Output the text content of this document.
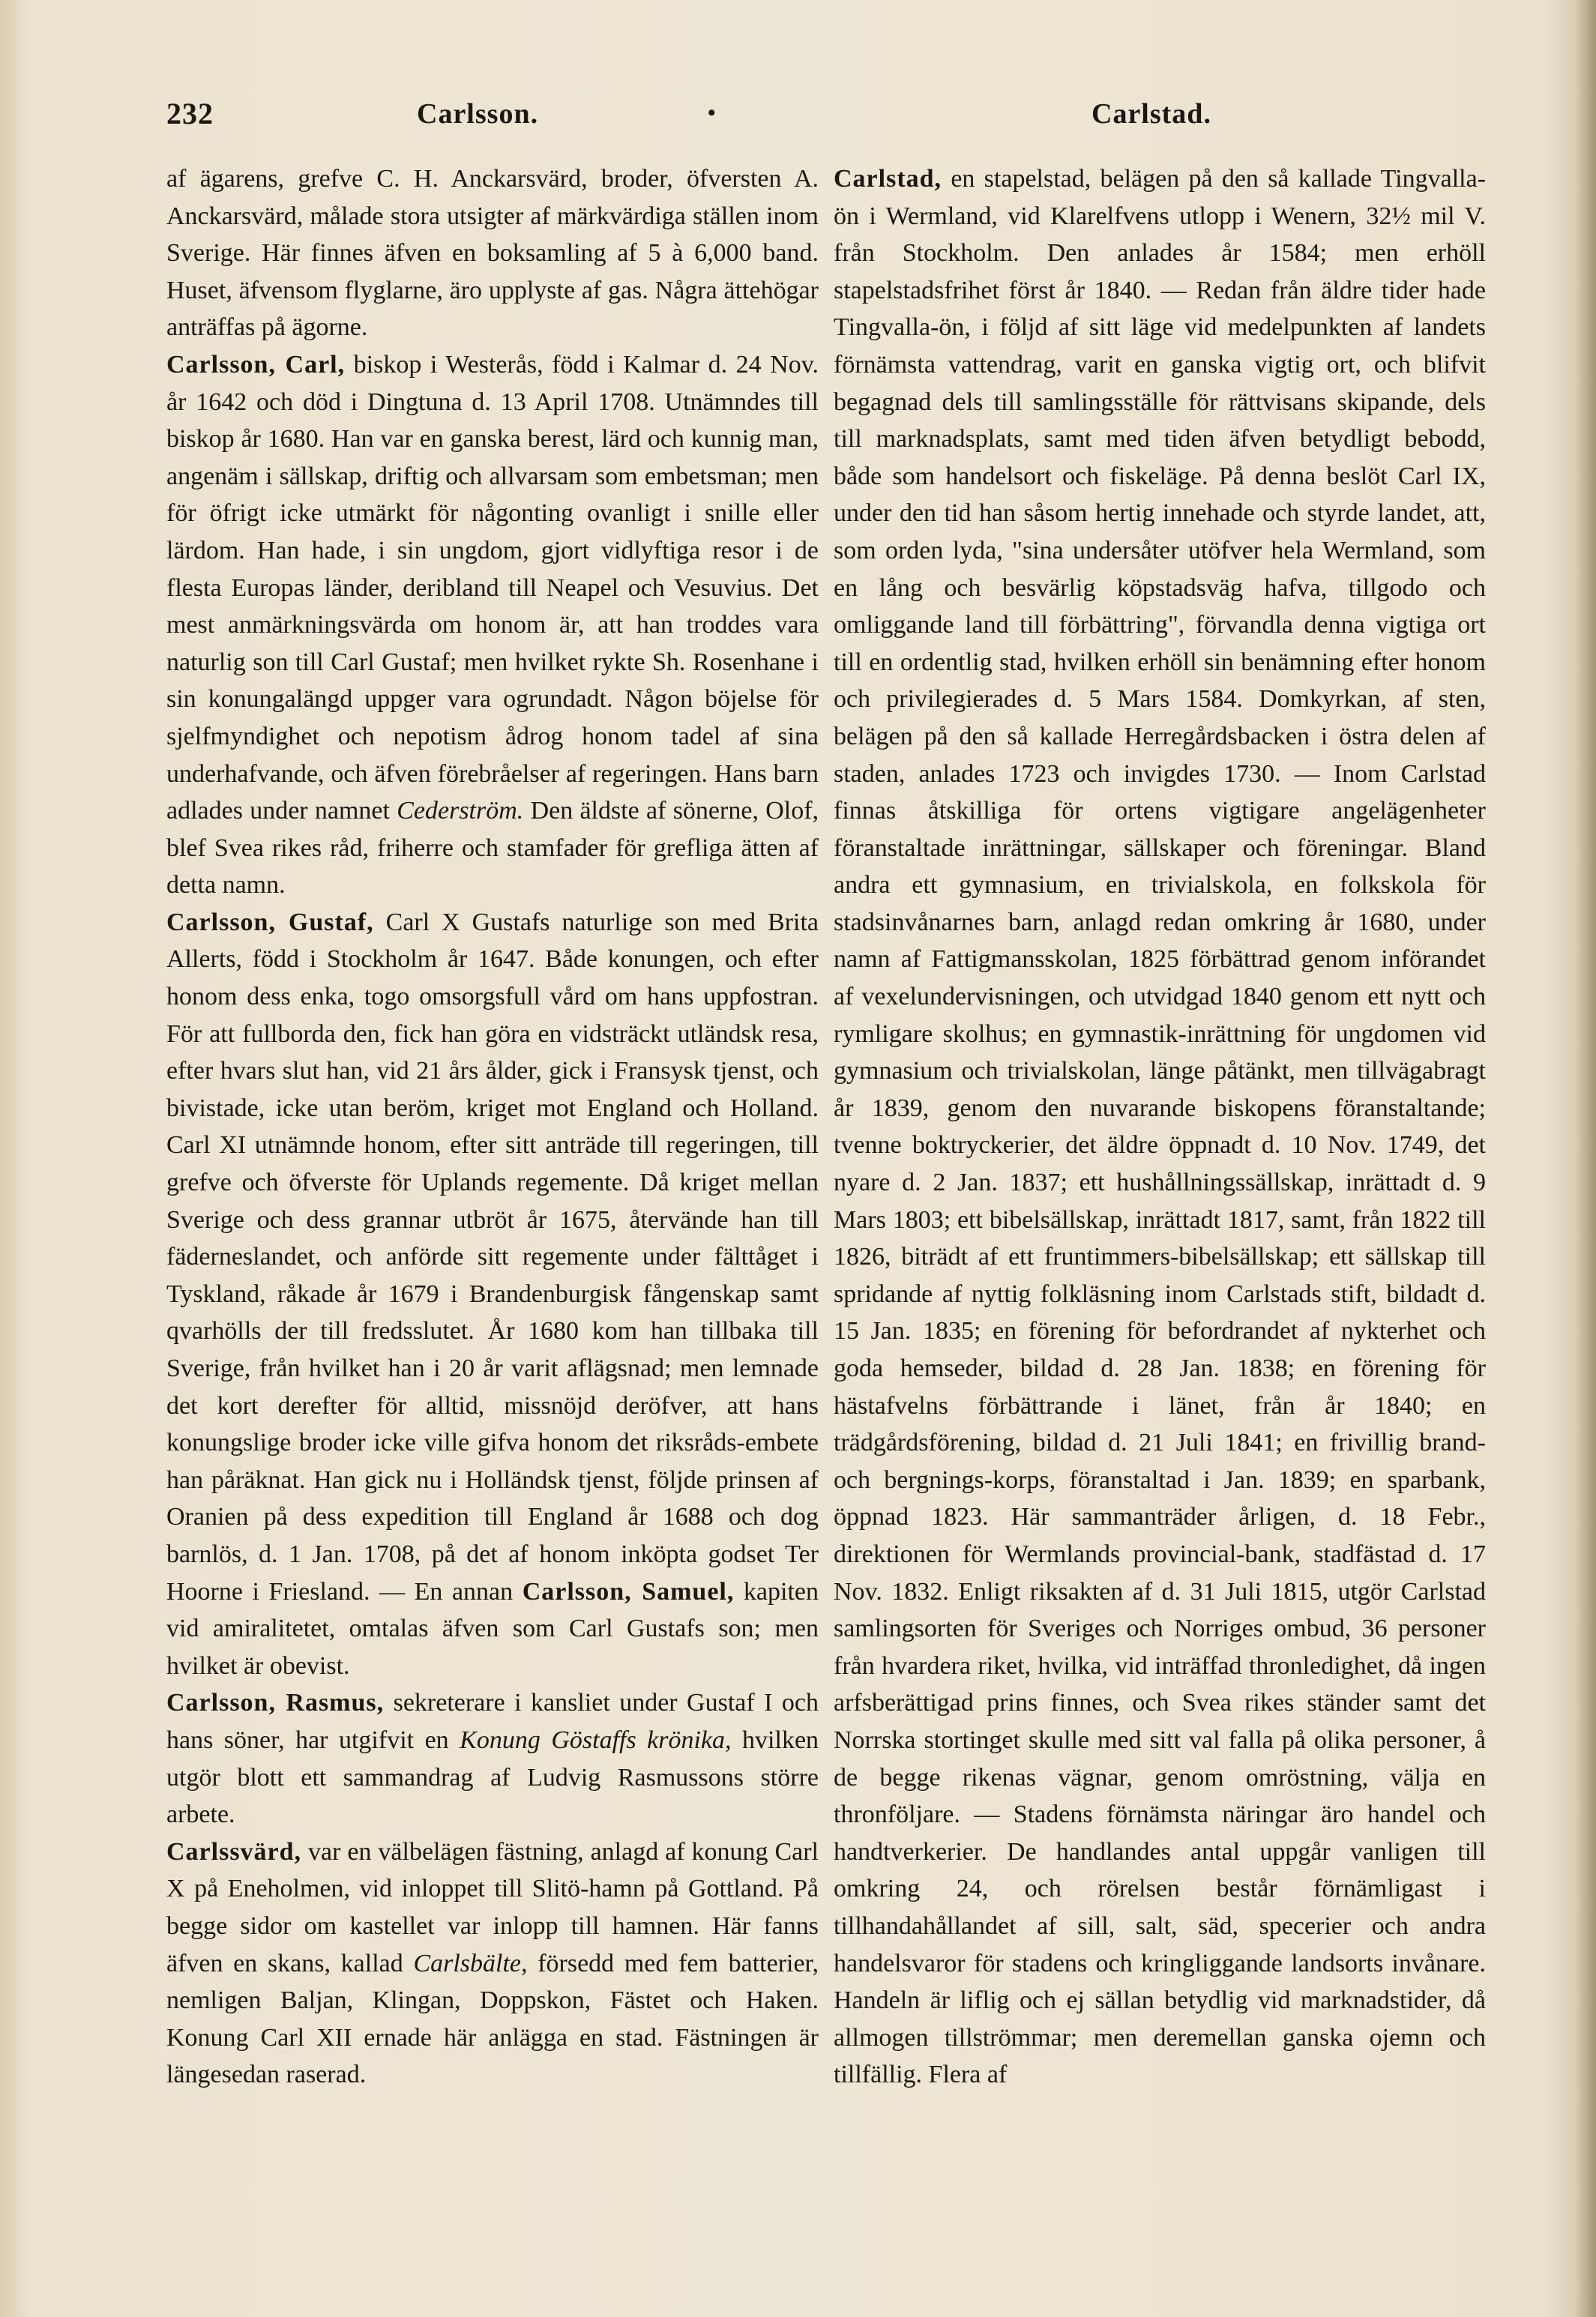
232	Carlsson.	•	Carlstad.

af ägarens, grefve C. H. Anckarsvärd, broder, öfversten A. Anckarsvärd, målade stora utsigter af märkvärdiga ställen inom Sverige. Här finnes äfven en boksamling af 5 à 6,000 band. Huset, äfvensom flyglarne, äro upplyste af gas. Några ättehögar anträffas på ägorne.

Carlsson, Carl, biskop i Westerås, född i Kalmar d. 24 Nov. år 1642 och död i Dingtuna d. 13 April 1708. Utnämndes till biskop år 1680. Han var en ganska berest, lärd och kunnig man, angenäm i sällskap, driftig och allvarsam som embetsman; men för öfrigt icke utmärkt för någonting ovanligt i snille eller lärdom. Han hade, i sin ungdom, gjort vidlyftiga resor i de flesta Europas länder, deribland till Neapel och Vesuvius. Det mest anmärkningsvärda om honom är, att han troddes vara naturlig son till Carl Gustaf; men hvilket rykte Sh. Rosenhane i sin konungalängd uppger vara ogrundadt. Någon böjelse för sjelfmyndighet och nepotism ådrog honom tadel af sina underhafvande, och äfven förebråelser af regeringen. Hans barn adlades under namnet Cederström. Den äldste af sönerne, Olof, blef Svea rikes råd, friherre och stamfader för grefliga ätten af detta namn.

Carlsson, Gustaf, Carl X Gustafs naturlige son med Brita Allerts, född i Stockholm år 1647. Både konungen, och efter honom dess enka, togo omsorgsfull vård om hans uppfostran. För att fullborda den, fick han göra en vidsträckt utländsk resa, efter hvars slut han, vid 21 års ålder, gick i Fransysk tjenst, och bivistade, icke utan beröm, kriget mot England och Holland. Carl XI utnämnde honom, efter sitt anträde till regeringen, till grefve och öfverste för Uplands regemente. Då kriget mellan Sverige och dess grannar utbröt år 1675, återvände han till fäderneslandet, och anförde sitt regemente under fälttåget i Tyskland, råkade år 1679 i Brandenburgisk fångenskap samt qvarhölls der till fredsslutet. År 1680 kom han tillbaka till Sverige, från hvilket han i 20 år varit aflägsnad; men lemnade det kort derefter för alltid, missnöjd deröfver, att hans konungslige broder icke ville gifva honom det riksråds-embete han påräknat. Han gick nu i Holländsk tjenst, följde prinsen af Oranien på dess expedition till England år 1688 och dog barnlös, d. 1 Jan. 1708, på det af honom inköpta godset Ter Hoorne i Friesland. — En annan Carlsson, Samuel, kapiten vid amiralitetet, omtalas äfven som Carl Gustafs son; men hvilket är obevist.

Carlsson, Rasmus, sekreterare i kansliet under Gustaf I och hans söner, har utgifvit en Konung Göstaffs krönika, hvilken utgör blott ett sammandrag af Ludvig Rasmussons större arbete.

Carlssvärd, var en välbelägen fästning, anlagd af konung Carl X på Eneholmen, vid inloppet till Slitö-hamn på Gottland. På begge sidor om kastellet var inlopp till hamnen. Här fanns äfven en skans, kallad Carlsbälte, försedd med fem batterier, nemligen Baljan, Klingan, Doppskon, Fästet och Haken. Konung Carl XII ernade här anlägga en stad. Fästningen är längesedan raserad.

Carlstad, en stapelstad, belägen på den så kallade Tingvalla-ön i Wermland, vid Klarelfvens utlopp i Wenern, 32½ mil V. från Stockholm. Den anlades år 1584; men erhöll stapelstadsfrihet först år 1840. — Redan från äldre tider hade Tingvalla-ön, i följd af sitt läge vid medelpunkten af landets förnämsta vattendrag, varit en ganska vigtig ort, och blifvit begagnad dels till samlingsställe för rättvisans skipande, dels till marknadsplats, samt med tiden äfven betydligt bebodd, både som handelsort och fiskeläge. På denna beslöt Carl IX, under den tid han såsom hertig innehade och styrde landet, att, som orden lyda, "sina undersåter utöfver hela Wermland, som en lång och besvärlig köpstadsväg hafva, tillgodo och omliggande land till förbättring", förvandla denna vigtiga ort till en ordentlig stad, hvilken erhöll sin benämning efter honom och privilegierades d. 5 Mars 1584. Domkyrkan, af sten, belägen på den så kallade Herregårdsbacken i östra delen af staden, anlades 1723 och invigdes 1730. — Inom Carlstad finnas åtskilliga för ortens vigtigare angelägenheter föranstaltade inrättningar, sällskaper och föreningar. Bland andra ett gymnasium, en trivialskola, en folkskola för stadsinvånarnes barn, anlagd redan omkring år 1680, under namn af Fattigmansskolan, 1825 förbättrad genom införandet af vexelundervisningen, och utvidgad 1840 genom ett nytt och rymligare skolhus; en gymnastik-inrättning för ungdomen vid gymnasium och trivialskolan, länge påtänkt, men tillvägabragt år 1839, genom den nuvarande biskopens föranstaltande; tvenne boktryckerier, det äldre öppnadt d. 10 Nov. 1749, det nyare d. 2 Jan. 1837; ett hushållningssällskap, inrättadt d. 9 Mars 1803; ett bibelsällskap, inrättadt 1817, samt, från 1822 till 1826, biträdt af ett fruntimmers-bibelsällskap; ett sällskap till spridande af nyttig folkläsning inom Carlstads stift, bildadt d. 15 Jan. 1835; en förening för befordrandet af nykterhet och goda hemseder, bildad d. 28 Jan. 1838; en förening för hästafvelns förbättrande i länet, från år 1840; en trädgårdsförening, bildad d. 21 Juli 1841; en frivillig brand- och bergnings-korps, föranstaltad i Jan. 1839; en sparbank, öppnad 1823. Här sammanträder årligen, d. 18 Febr., direktionen för Wermlands provincial-bank, stadfästad d. 17 Nov. 1832. Enligt riksakten af d. 31 Juli 1815, utgör Carlstad samlingsorten för Sveriges och Norriges ombud, 36 personer från hvardera riket, hvilka, vid inträffad thronledighet, då ingen arfsberättigad prins finnes, och Svea rikes ständer samt det Norrska stortinget skulle med sitt val falla på olika personer, å de begge rikenas vägnar, genom omröstning, välja en thronföljare. — Stadens förnämsta näringar äro handel och handtverkerier. De handlandes antal uppgår vanligen till omkring 24, och rörelsen består förnämligast i tillhandahållandet af sill, salt, säd, specerier och andra handelsvaror för stadens och kringliggande landsorts invånare. Handeln är liflig och ej sällan betydlig vid marknadstider, då allmogen tillströmmar; men deremellan ganska ojemn och tillfällig. Flera af
